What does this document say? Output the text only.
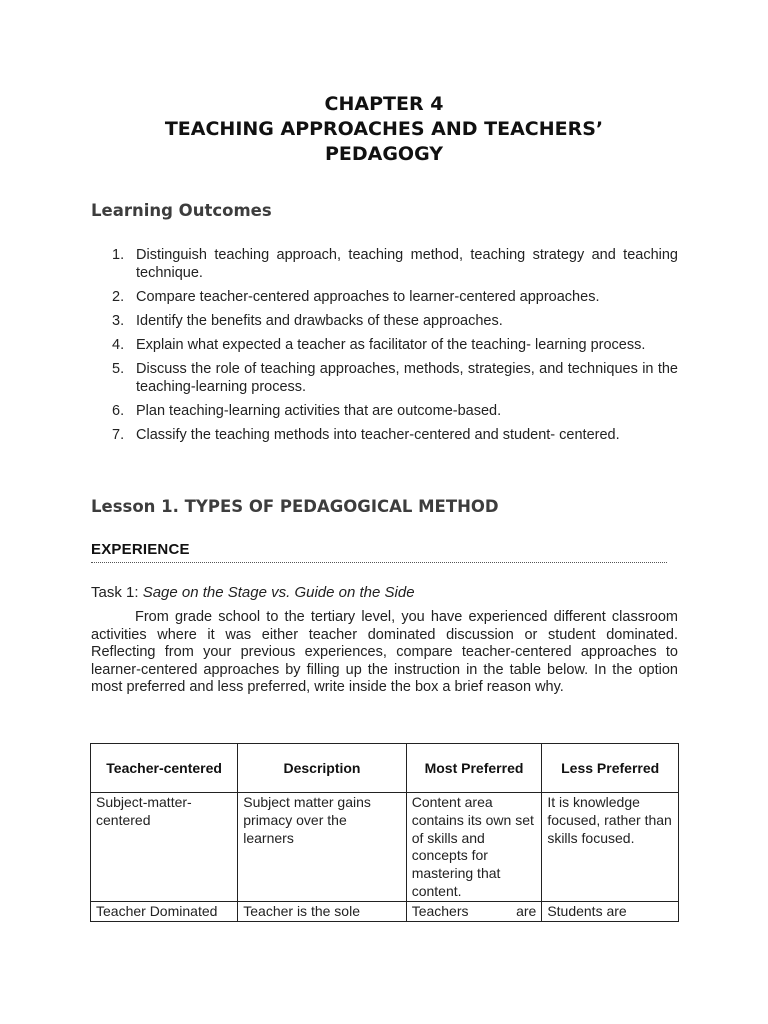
CHAPTER 4
TEACHING APPROACHES AND TEACHERS’
PEDAGOGY
Learning Outcomes
1. Distinguish teaching approach, teaching method, teaching strategy and teaching technique.
2. Compare teacher-centered approaches to learner-centered approaches.
3. Identify the benefits and drawbacks of these approaches.
4. Explain what expected a teacher as facilitator of the teaching- learning process.
5. Discuss the role of teaching approaches, methods, strategies, and techniques in the teaching-learning process.
6. Plan teaching-learning activities that are outcome-based.
7. Classify the teaching methods into teacher-centered and student- centered.
Lesson 1. TYPES OF PEDAGOGICAL METHOD
EXPERIENCE
Task 1: Sage on the Stage vs. Guide on the Side
From grade school to the tertiary level, you have experienced different classroom activities where it was either teacher dominated discussion or student dominated. Reflecting from your previous experiences, compare teacher-centered approaches to learner-centered approaches by filling up the instruction in the table below. In the option most preferred and less preferred, write inside the box a brief reason why.
Teacher-centered	Description	Most Preferred	Less Preferred
Subject-matter-centered	Subject matter gains primacy over the learners	Content area contains its own set of skills and concepts for mastering that content.	It is knowledge focused, rather than skills focused.
Teacher Dominated	Teacher is the sole	Teachers are	Students are
